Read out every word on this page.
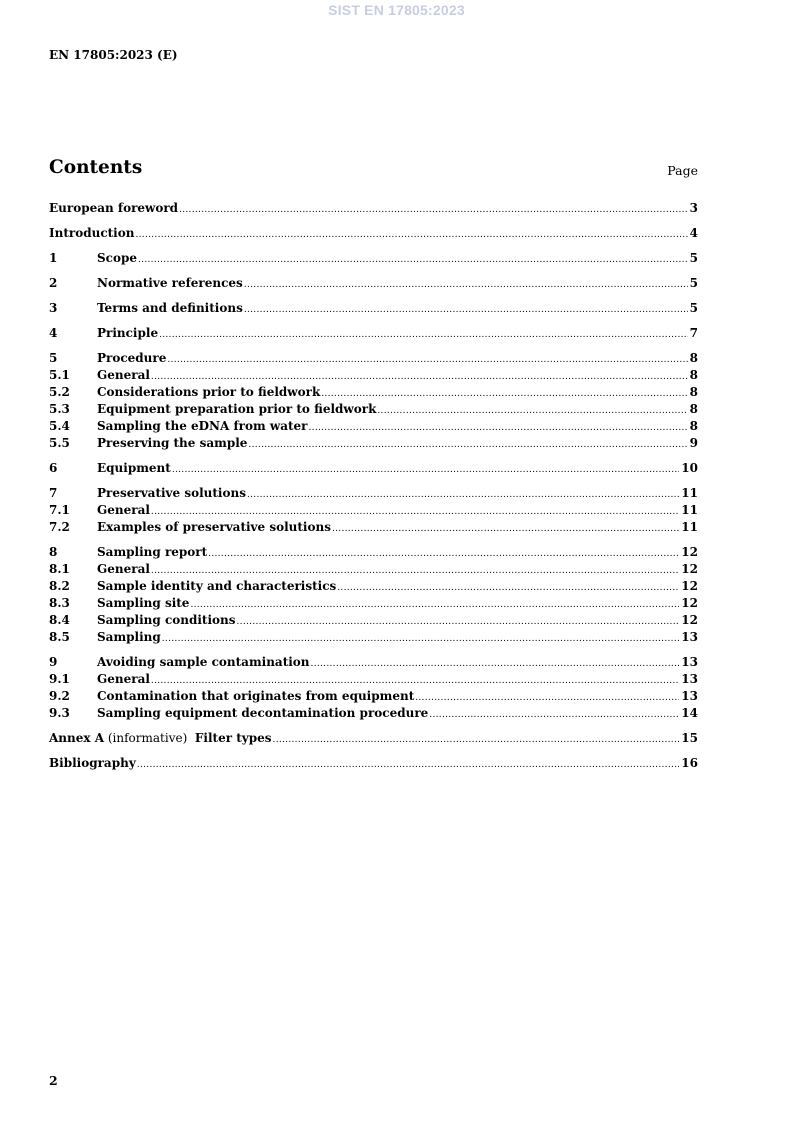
SIST EN 17805:2023
EN 17805:2023 (E)
Contents	Page
European foreword .....	3
Introduction .....	4
1	Scope .....	5
2	Normative references .....	5
3	Terms and definitions .....	5
4	Principle .....	7
5	Procedure .....	8
5.1 General .....	8
5.2 Considerations prior to fieldwork .....	8
5.3 Equipment preparation prior to fieldwork .....	8
5.4 Sampling the eDNA from water .....	8
5.5 Preserving the sample .....	9
6	Equipment .....	10
7	Preservative solutions .....	11
7.1 General .....	11
7.2 Examples of preservative solutions .....	11
8	Sampling report .....	12
8.1 General .....	12
8.2 Sample identity and characteristics .....	12
8.3 Sampling site .....	12
8.4 Sampling conditions .....	12
8.5 Sampling .....	13
9	Avoiding sample contamination .....	13
9.1 General .....	13
9.2 Contamination that originates from equipment .....	13
9.3 Sampling equipment decontamination procedure .....	14
Annex A (informative)  Filter types .....	15
Bibliography .....	16
2
